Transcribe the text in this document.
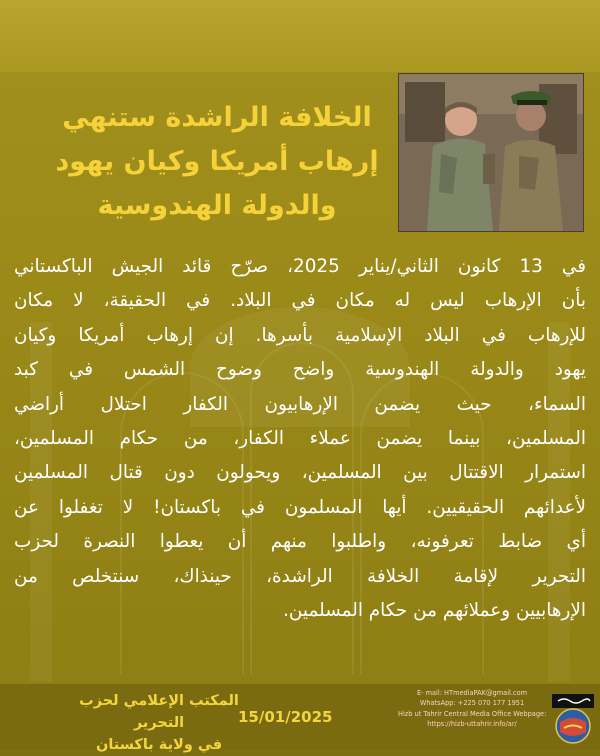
الخلافة الراشدة ستنهي
إرهاب أمريكا وكيان يهود
والدولة الهندوسية
في 13 كانون الثاني/يناير 2025، صرّح قائد الجيش الباكستاني
بأن الإرهاب ليس له مكان في البلاد. في الحقيقة، لا مكان
للإرهاب في البلاد الإسلامية بأسرها. إن إرهاب أمريكا وكيان
يهود والدولة الهندوسية واضح وضوح الشمس في كبد
السماء، حيث يضمن الإرهابيون الكفار احتلال أراضي
المسلمين، بينما يضمن عملاء الكفار، من حكام المسلمين،
استمرار الاقتتال بين المسلمين، ويحولون دون قتال المسلمين
لأعدائهم الحقيقيين. أيها المسلمون في باكستان! لا تغفلوا عن
أي ضابط تعرفونه، واطلبوا منهم أن يعطوا النصرة لحزب
التحرير لإقامة الخلافة الراشدة، حينذاك، سنتخلص من
الإرهابيين وعملائهم من حكام المسلمين.
المكتب الإعلامي لحزب التحرير
في ولاية باكستان
15/01/2025
E- mail: HTmediaPAK@gmail.com
WhatsApp: +225 070 177 1951
Hizb ut Tahrir Central Media Office Webpage:
https://hizb-uttahrir.info/ar/
